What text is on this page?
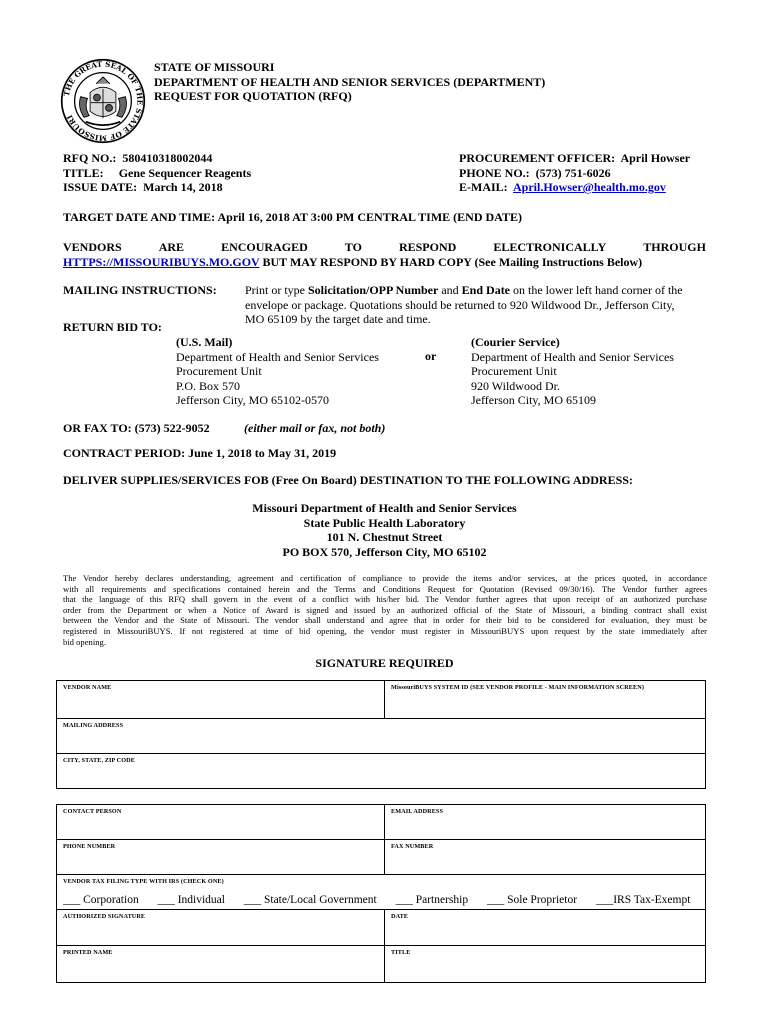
THE GREAT SEAL OF THE STATE OF MISSOURI
STATE OF MISSOURI
DEPARTMENT OF HEALTH AND SENIOR SERVICES (DEPARTMENT)
REQUEST FOR QUOTATION (RFQ)
RFQ NO.: 580410318002044
TITLE: Gene Sequencer Reagents
ISSUE DATE: March 14, 2018
PROCUREMENT OFFICER: April Howser
PHONE NO.: (573) 751-6026
E-MAIL: April.Howser@health.mo.gov
TARGET DATE AND TIME: April 16, 2018 AT 3:00 PM CENTRAL TIME (END DATE)
VENDORS	ARE	ENCOURAGED	TO	RESPOND	ELECTRONICALLY	THROUGH
HTTPS://MISSOURIBUYS.MO.GOV BUT MAY RESPOND BY HARD COPY (See Mailing Instructions Below)
MAILING INSTRUCTIONS: Print or type Solicitation/OPP Number and End Date on the lower left hand corner of the
envelope or package. Quotations should be returned to 920 Wildwood Dr., Jefferson City,
MO 65109 by the target date and time.
RETURN BID TO:
(U.S. Mail)
Department of Health and Senior Services
Procurement Unit
P.O. Box 570
Jefferson City, MO 65102-0570
or
(Courier Service)
Department of Health and Senior Services
Procurement Unit
920 Wildwood Dr.
Jefferson City, MO 65109
OR FAX TO: (573) 522-9052	(either mail or fax, not both)
CONTRACT PERIOD: June 1, 2018 to May 31, 2019
DELIVER SUPPLIES/SERVICES FOB (Free On Board) DESTINATION TO THE FOLLOWING ADDRESS:
Missouri Department of Health and Senior Services
State Public Health Laboratory
101 N. Chestnut Street
PO BOX 570, Jefferson City, MO 65102
The Vendor hereby declares understanding, agreement and certification of compliance to provide the items and/or services, at the prices quoted, in accordance
with all requirements and specifications contained herein and the Terms and Conditions Request for Quotation (Revised 09/30/16). The Vendor further agrees
that the language of this RFQ shall govern in the event of a conflict with his/her bid. The Vendor further agrees that upon receipt of an authorized purchase
order from the Department or when a Notice of Award is signed and issued by an authorized official of the State of Missouri, a binding contract shall exist
between the Vendor and the State of Missouri. The vendor shall understand and agree that in order for their bid to be considered for evaluation, they must be
registered in MissouriBUYS. If not registered at time of bid opening, the vendor must register in MissouriBUYS upon request by the state immediately after
bid opening.
SIGNATURE REQUIRED
VENDOR NAME	MissouriBUYS SYSTEM ID (SEE VENDOR PROFILE - MAIN INFORMATION SCREEN)

MAILING ADDRESS

CITY, STATE, ZIP CODE
CONTACT PERSON	EMAIL ADDRESS

PHONE NUMBER	FAX NUMBER

VENDOR TAX FILING TYPE WITH IRS (CHECK ONE)
___ Corporation ___ Individual ___ State/Local Government ___ Partnership ___ Sole Proprietor ___IRS Tax-Exempt	

AUTHORIZED SIGNATURE	DATE

PRINTED NAME	TITLE
